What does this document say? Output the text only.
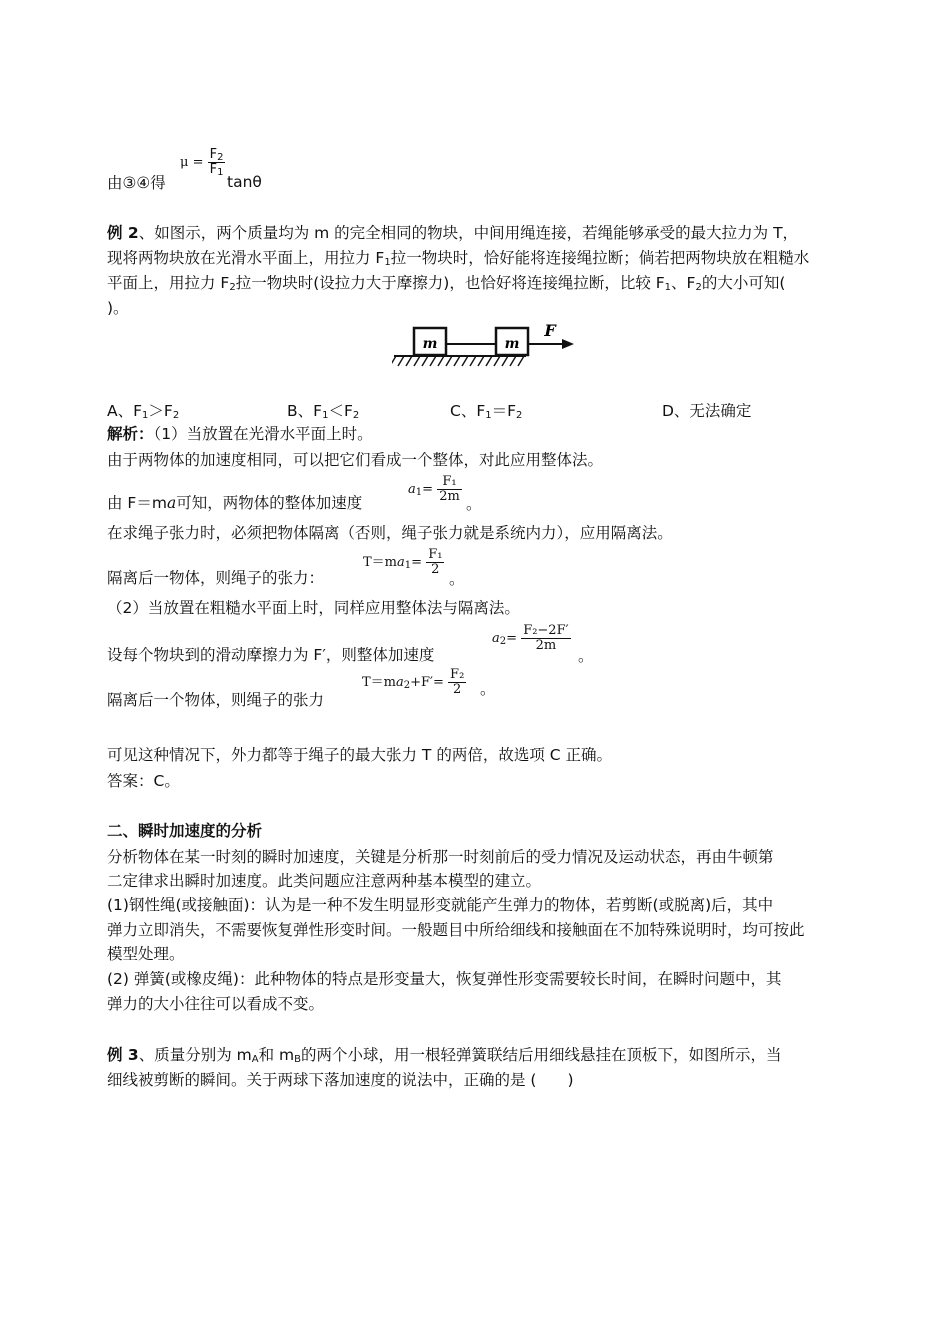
由③④得
$\mu = \frac{F_2}{F_1}$
tanθ
例 2、如图示，两个质量均为 m 的完全相同的物块，中间用绳连接，若绳能够承受的最大拉力为 T，
现将两物块放在光滑水平面上，用拉力 $F_1$拉一物块时，恰好能将连接绳拉断；倘若把两物块放在粗糙水
平面上，用拉力 $F_2$拉一物块时(设拉力大于摩擦力)，也恰好将连接绳拉断，比较 $F_1$、$F_2$的大小可知(
)。
m	m
F
A、$F_1>F_2$	B、$F_1<F_2$	C、$F_1=F_2$	D、无法确定
解析：（1）当放置在光滑水平面上时。
由于两物体的加速度相同，可以把它们看成一个整体，对此应用整体法。
由 F＝ma可知，两物体的整体加速度
$a_1= \frac{\text{F₁}}{2m}$ 。
在求绳子张力时，必须把物体隔离（否则，绳子张力就是系统内力），应用隔离法。
隔离后一物体，则绳子的张力：
$T=ma_1= \frac{\text{F₁}}{2}$
。
（2）当放置在粗糙水平面上时，同样应用整体法与隔离法。
设每个物块到的滑动摩擦力为 F′，则整体加速度
$a_2= \frac{\text{F₂−2F′}}{2m}$
。
隔离后一个物体，则绳子的张力
$T=ma_2+F'= \frac{\text{F₂}}{2}$ 。
可见这种情况下，外力都等于绳子的最大张力 T 的两倍，故选项 C 正确。
答案：C。
二、瞬时加速度的分析
分析物体在某一时刻的瞬时加速度，关键是分析那一时刻前后的受力情况及运动状态，再由牛顿第
二定律求出瞬时加速度。此类问题应注意两种基本模型的建立。
(1)钢性绳(或接触面)：认为是一种不发生明显形变就能产生弹力的物体，若剪断(或脱离)后，其中
弹力立即消失，不需要恢复弹性形变时间。一般题目中所给细线和接触面在不加特殊说明时，均可按此
模型处理。
(2) 弹簧(或橡皮绳)：此种物体的特点是形变量大，恢复弹性形变需要较长时间，在瞬时问题中，其
弹力的大小往往可以看成不变。
例 3、质量分别为 $m_A$和 $m_B$的两个小球，用一根轻弹簧联结后用细线悬挂在顶板下，如图所示，当
细线被剪断的瞬间。关于两球下落加速度的说法中，正确的是 (　　)
